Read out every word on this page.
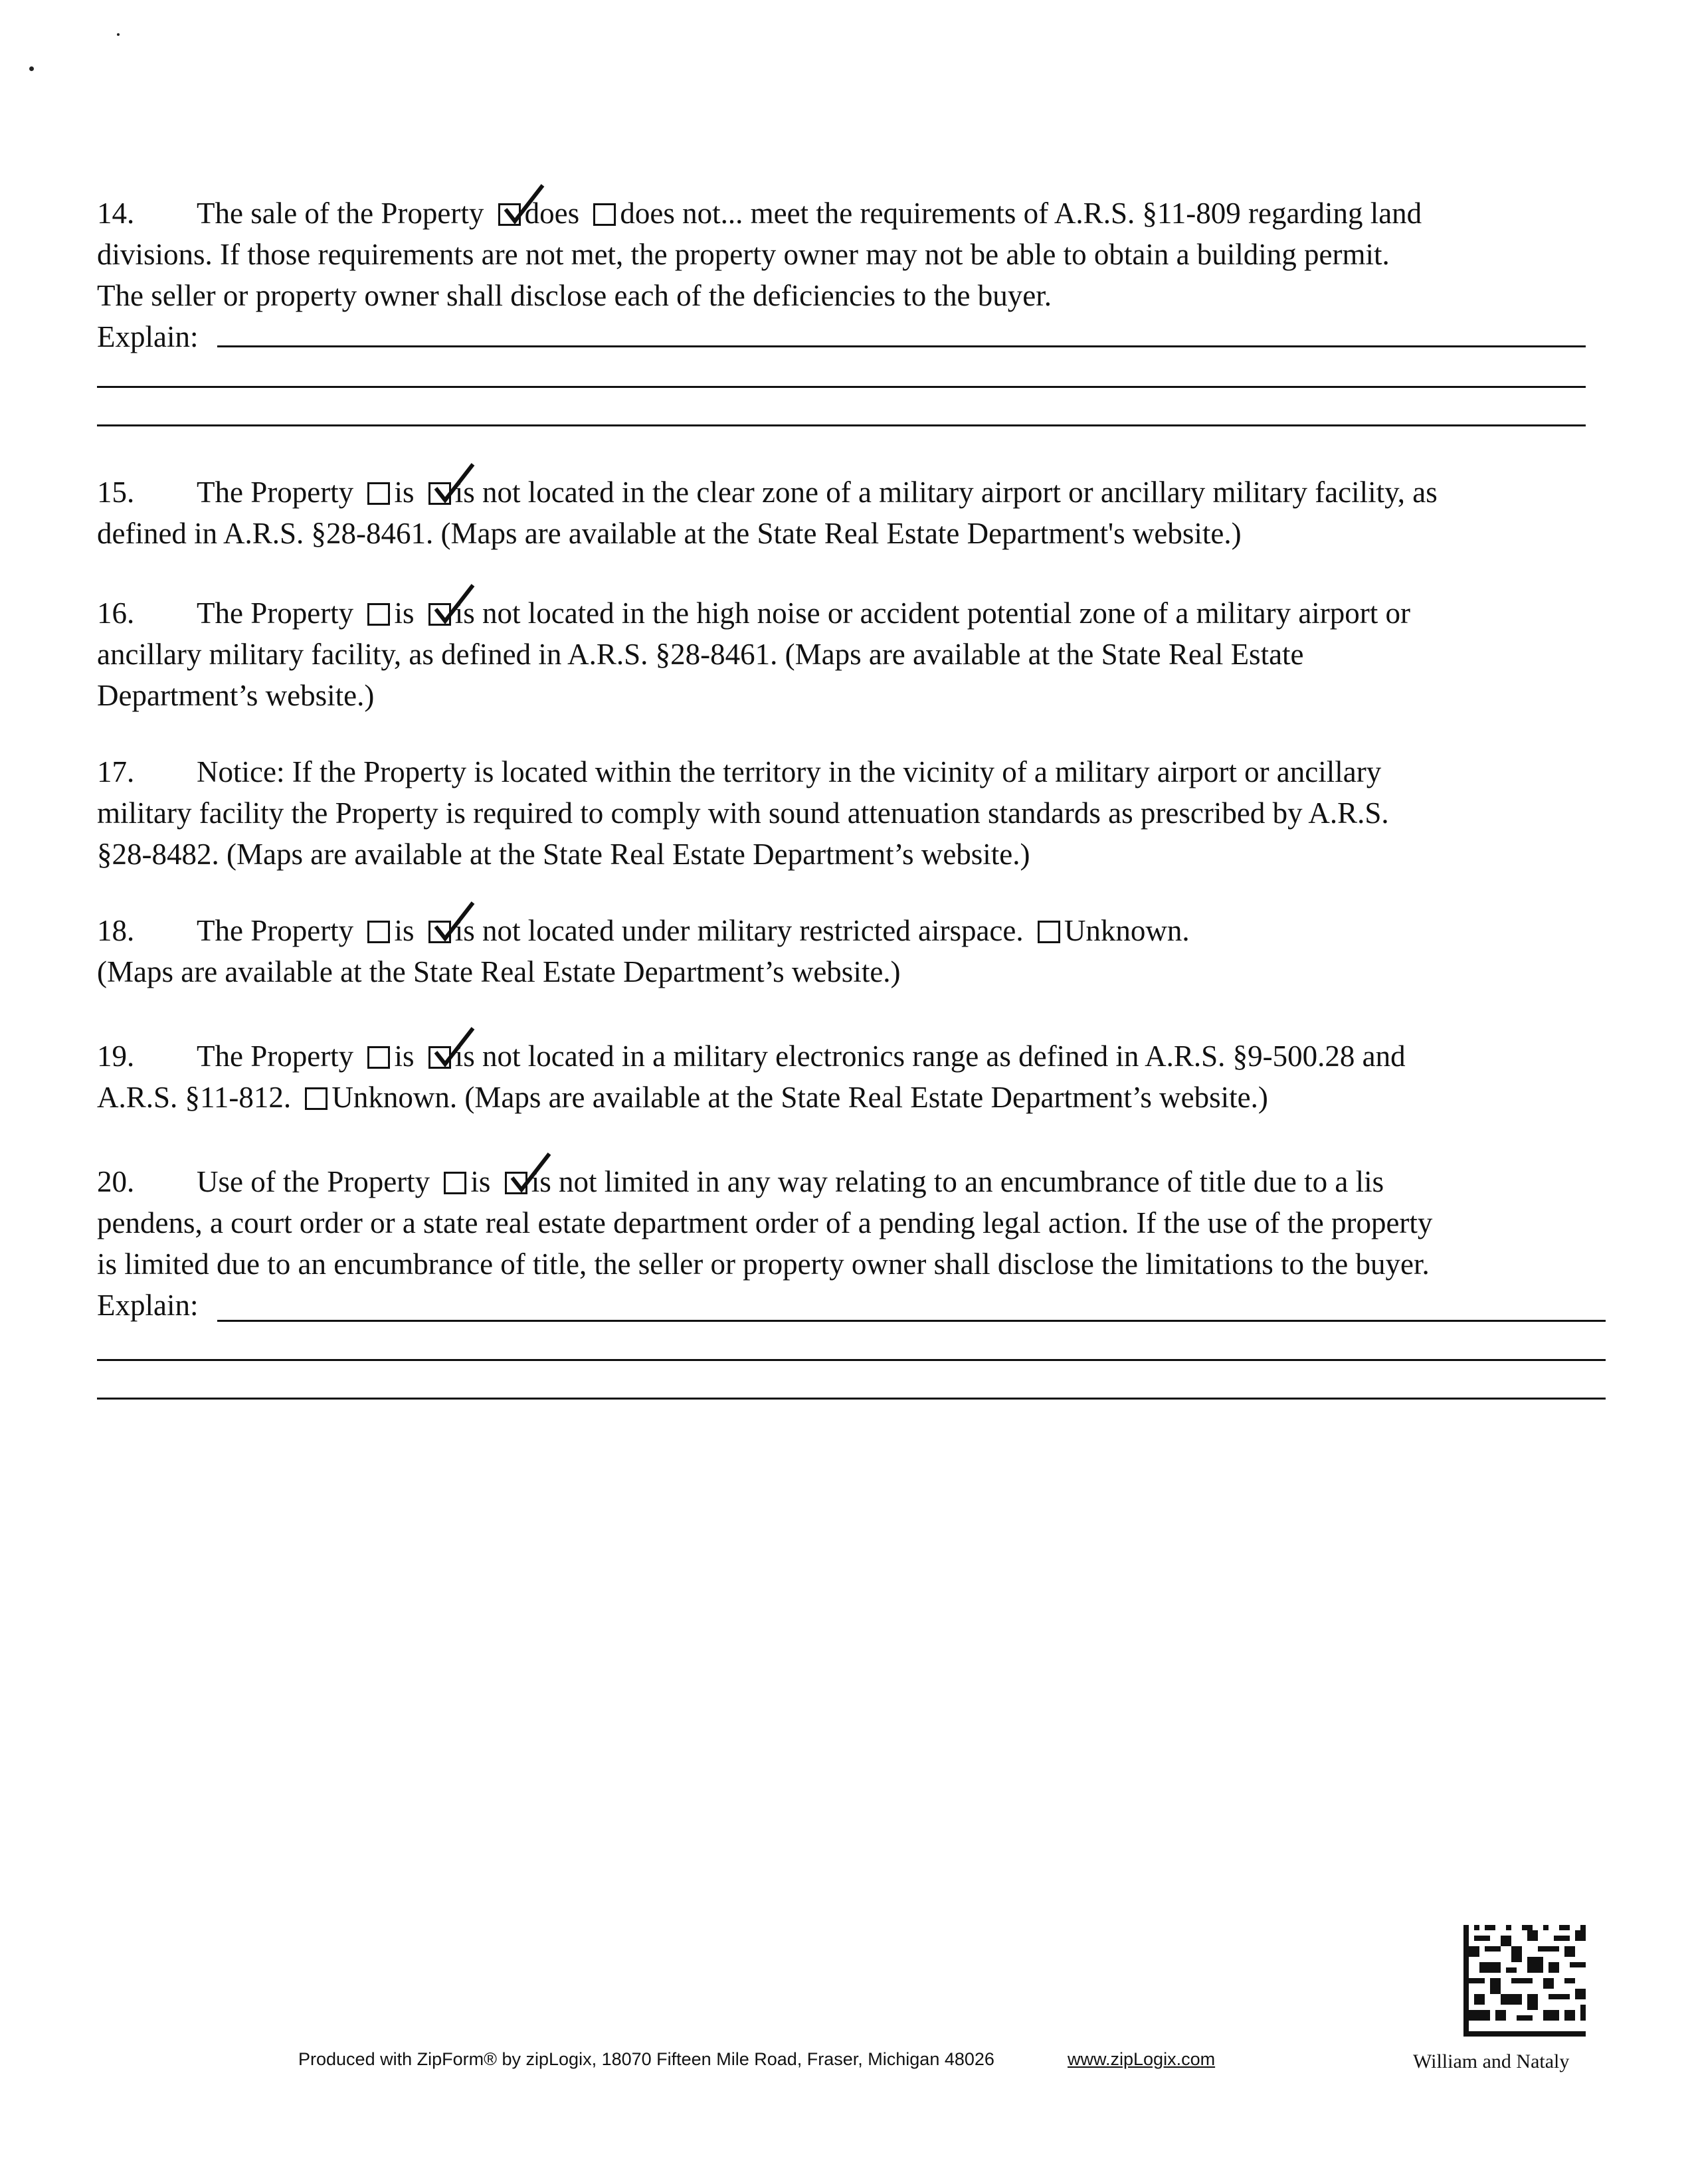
14. The sale of the Property does does not... meet the requirements of A.R.S. §11-809 regarding land
divisions. If those requirements are not met, the property owner may not be able to obtain a building permit.
The seller or property owner shall disclose each of the deficiencies to the buyer.
Explain:
15. The Property is is not located in the clear zone of a military airport or ancillary military facility, as
defined in A.R.S. §28-8461. (Maps are available at the State Real Estate Department's website.)
16. The Property is is not located in the high noise or accident potential zone of a military airport or
ancillary military facility, as defined in A.R.S. §28-8461. (Maps are available at the State Real Estate
Department’s website.)
17. Notice: If the Property is located within the territory in the vicinity of a military airport or ancillary
military facility the Property is required to comply with sound attenuation standards as prescribed by A.R.S.
§28-8482. (Maps are available at the State Real Estate Department’s website.)
18. The Property is is not located under military restricted airspace. Unknown.
(Maps are available at the State Real Estate Department’s website.)
19. The Property is is not located in a military electronics range as defined in A.R.S. §9-500.28 and
A.R.S. §11-812. Unknown. (Maps are available at the State Real Estate Department’s website.)
20. Use of the Property is is not limited in any way relating to an encumbrance of title due to a lis
pendens, a court order or a state real estate department order of a pending legal action. If the use of the property
is limited due to an encumbrance of title, the seller or property owner shall disclose the limitations to the buyer.
Explain:
Produced with ZipForm® by zipLogix, 18070 Fifteen Mile Road, Fraser, Michigan 48026	www.zipLogix.com	William and Nataly
